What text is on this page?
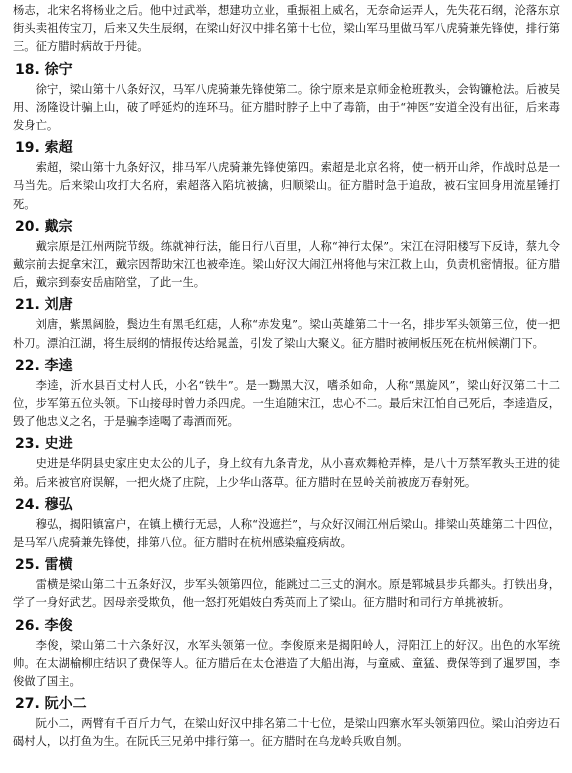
杨志，北宋名将杨业之后。他中过武举，想建功立业，重振祖上威名，无奈命运弄人，先失花石纲，沦落东京街头卖祖传宝刀，后来又失生辰纲，在梁山好汉中排名第十七位，梁山军马里做马军八虎骑兼先锋使，排行第三。征方腊时病故于丹徒。

18. 徐宁

徐宁，梁山第十八条好汉，马军八虎骑兼先锋使第二。徐宁原来是京师金枪班教头，会钩镰枪法。后被吴用、汤隆设计骗上山，破了呼延灼的连环马。征方腊时脖子上中了毒箭，由于“神医”安道全没有出征，后来毒发身亡。

19. 索超

索超，梁山第十九条好汉，排马军八虎骑兼先锋使第四。索超是北京名将，使一柄开山斧，作战时总是一马当先。后来梁山攻打大名府，索超落入陷坑被擒，归顺梁山。征方腊时急于追敌，被石宝回身用流星锤打死。

20. 戴宗

戴宗原是江州两院节级。练就神行法，能日行八百里，人称“神行太保”。宋江在浔阳楼写下反诗，蔡九令戴宗前去捉拿宋江，戴宗因帮助宋江也被牵连。梁山好汉大闹江州将他与宋江救上山，负责机密情报。征方腊后，戴宗到泰安岳庙陪堂，了此一生。

21. 刘唐

刘唐，紫黑阔脸，鬓边生有黑毛红痣，人称“赤发鬼”。梁山英雄第二十一名，排步军头领第三位，使一把朴刀。漂泊江湖，将生辰纲的情报传达给晁盖，引发了梁山大聚义。征方腊时被闸板压死在杭州候潮门下。

22. 李逵

李逵，沂水县百丈村人氏，小名“铁牛”。是一黝黑大汉，嗜杀如命，人称“黑旋风”，梁山好汉第二十二位，步军第五位头领。下山接母时曾力杀四虎。一生追随宋江，忠心不二。最后宋江怕自己死后，李逵造反，毁了他忠义之名，于是骗李逵喝了毒酒而死。

23. 史进

史进是华阴县史家庄史太公的儿子，身上纹有九条青龙，从小喜欢舞枪弄棒，是八十万禁军教头王进的徒弟。后来被官府误解，一把火烧了庄院，上少华山落草。征方腊时在昱岭关前被庞万春射死。

24. 穆弘

穆弘，揭阳镇富户，在镇上横行无忌，人称“没遮拦”，与众好汉闹江州后梁山。排梁山英雄第二十四位，是马军八虎骑兼先锋使，排第八位。征方腊时在杭州感染瘟疫病故。

25. 雷横

雷横是梁山第二十五条好汉，步军头领第四位，能跳过二三丈的涧水。原是郓城县步兵都头。打铁出身，学了一身好武艺。因母亲受欺负，他一怒打死娼妓白秀英而上了梁山。征方腊时和司行方单挑被斩。

26. 李俊

李俊，梁山第二十六条好汉，水军头领第一位。李俊原来是揭阳岭人，浔阳江上的好汉。出色的水军统帅。在太湖榆柳庄结识了费保等人。征方腊后在太仓港造了大船出海，与童威、童猛、费保等到了暹罗国，李俊做了国主。

27. 阮小二

阮小二，两臂有千百斤力气，在梁山好汉中排名第二十七位，是梁山四寨水军头领第四位。梁山泊旁边石碣村人，以打鱼为生。在阮氏三兄弟中排行第一。征方腊时在乌龙岭兵败自刎。
